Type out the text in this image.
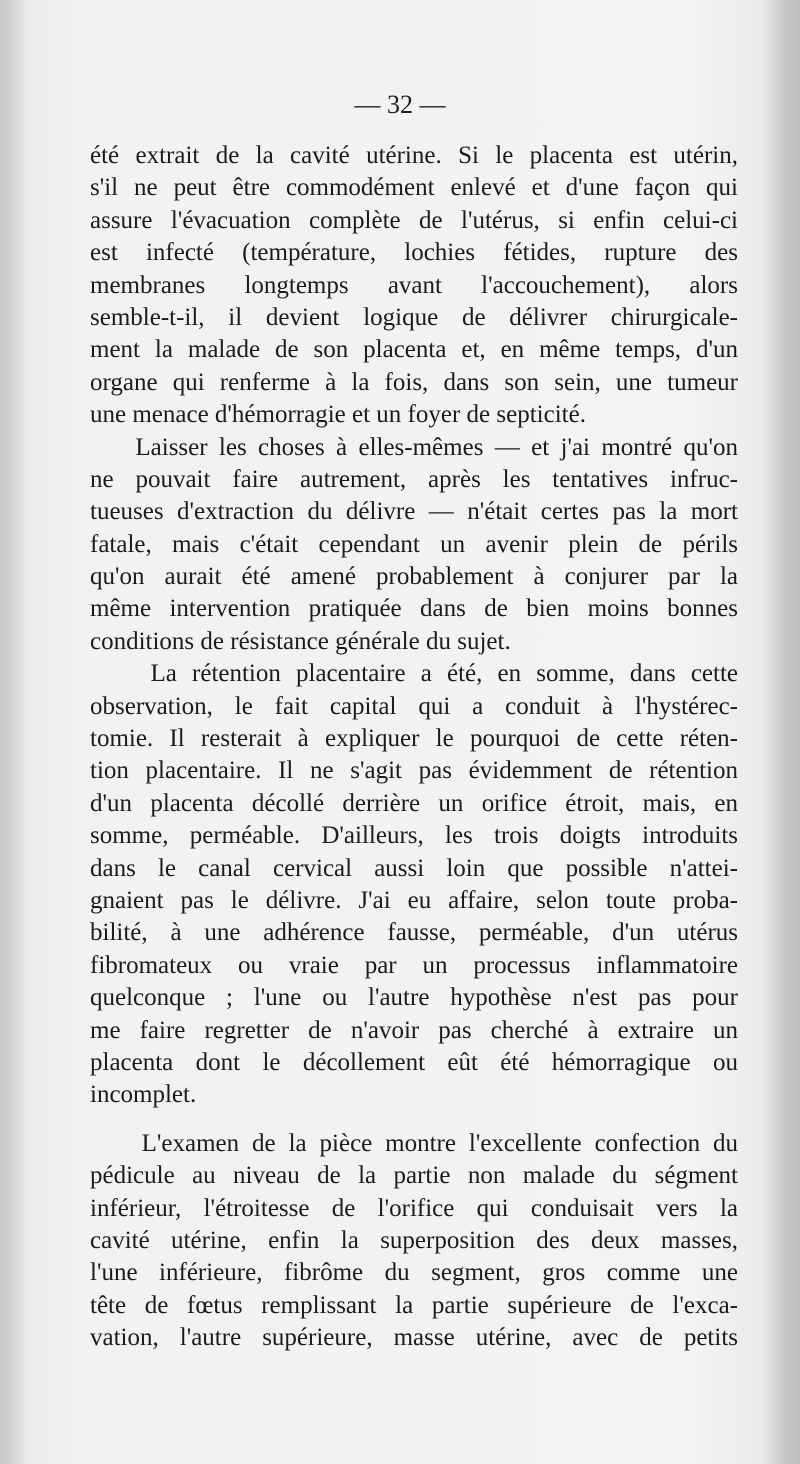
— 32 —
été extrait de la cavité utérine. Si le placenta est utérin,
s'il ne peut être commodément enlevé et d'une façon qui
assure l'évacuation complète de l'utérus, si enfin celui-ci
est infecté (température, lochies fétides, rupture des
membranes longtemps avant l'accouchement), alors
semble-t-il, il devient logique de délivrer chirurgicale-
ment la malade de son placenta et, en même temps, d'un
organe qui renferme à la fois, dans son sein, une tumeur
une menace d'hémorragie et un foyer de septicité.
Laisser les choses à elles-mêmes — et j'ai montré qu'on
ne pouvait faire autrement, après les tentatives infruc-
tueuses d'extraction du délivre — n'était certes pas la mort
fatale, mais c'était cependant un avenir plein de périls
qu'on aurait été amené probablement à conjurer par la
même intervention pratiquée dans de bien moins bonnes
conditions de résistance générale du sujet.
La rétention placentaire a été, en somme, dans cette
observation, le fait capital qui a conduit à l'hystérec-
tomie. Il resterait à expliquer le pourquoi de cette réten-
tion placentaire. Il ne s'agit pas évidemment de rétention
d'un placenta décollé derrière un orifice étroit, mais, en
somme, perméable. D'ailleurs, les trois doigts introduits
dans le canal cervical aussi loin que possible n'attei-
gnaient pas le délivre. J'ai eu affaire, selon toute proba-
bilité, à une adhérence fausse, perméable, d'un utérus
fibromateux ou vraie par un processus inflammatoire
quelconque ; l'une ou l'autre hypothèse n'est pas pour
me faire regretter de n'avoir pas cherché à extraire un
placenta dont le décollement eût été hémorragique ou
incomplet.
L'examen de la pièce montre l'excellente confection du
pédicule au niveau de la partie non malade du ségment
inférieur, l'étroitesse de l'orifice qui conduisait vers la
cavité utérine, enfin la superposition des deux masses,
l'une inférieure, fibrôme du segment, gros comme une
tête de fœtus remplissant la partie supérieure de l'exca-
vation, l'autre supérieure, masse utérine, avec de petits
